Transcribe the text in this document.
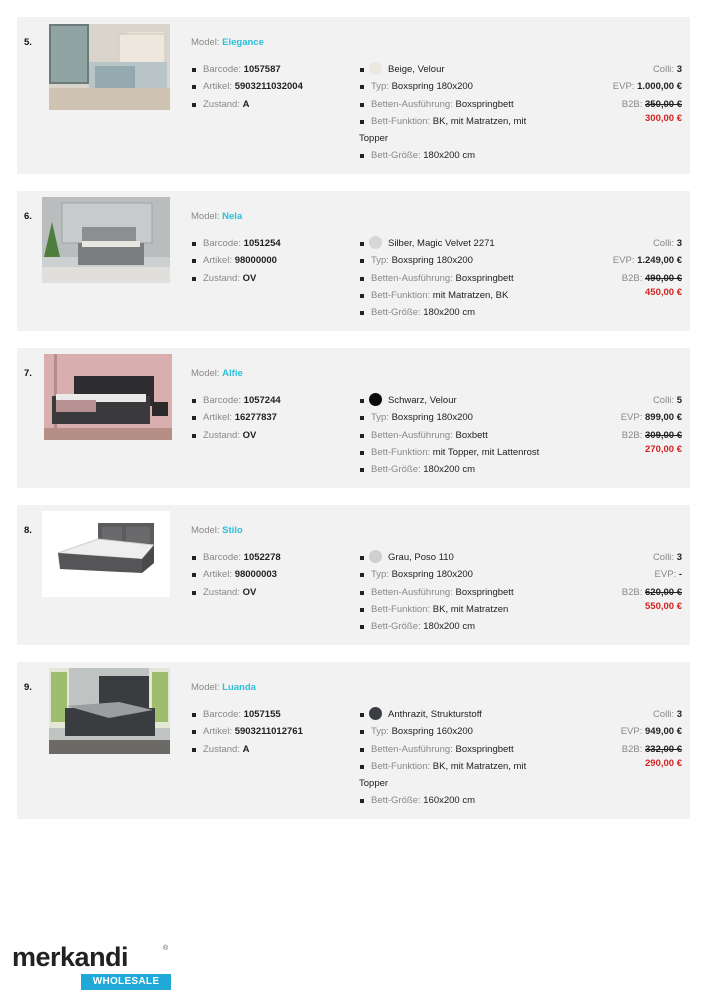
5.	Model: Elegance
Barcode: 1057587
Artikel: 5903211032004
Zustand: A
Beige, Velour
Typ: Boxspring 180x200
Betten-Ausführung: Boxspringbett
Bett-Funktion: BK, mit Matratzen, mit
Topper
Bett-Größe: 180x200 cm
Colli: 3
EVP: 1.000,00 €
B2B: 350,00 €
300,00 €
6.	Model: Nela
Barcode: 1051254
Artikel: 98000000
Zustand: OV
Silber, Magic Velvet 2271
Typ: Boxspring 180x200
Betten-Ausführung: Boxspringbett
Bett-Funktion: mit Matratzen, BK
Bett-Größe: 180x200 cm
Colli: 3
EVP: 1.249,00 €
B2B: 490,00 €
450,00 €
7.	Model: Alfie
Barcode: 1057244
Artikel: 16277837
Zustand: OV
Schwarz, Velour
Typ: Boxspring 180x200
Betten-Ausführung: Boxbett
Bett-Funktion: mit Topper, mit Lattenrost
Bett-Größe: 180x200 cm
Colli: 5
EVP: 899,00 €
B2B: 309,00 €
270,00 €
8.	Model: Stilo
Barcode: 1052278
Artikel: 98000003
Zustand: OV
Grau, Poso 110
Typ: Boxspring 180x200
Betten-Ausführung: Boxspringbett
Bett-Funktion: BK, mit Matratzen
Bett-Größe: 180x200 cm
Colli: 3
EVP: -
B2B: 620,00 €
550,00 €
9.	Model: Luanda
Barcode: 1057155
Artikel: 5903211012761
Zustand: A
Anthrazit, Strukturstoff
Typ: Boxspring 160x200
Betten-Ausführung: Boxspringbett
Bett-Funktion: BK, mit Matratzen, mit
Topper
Bett-Größe: 160x200 cm
Colli: 3
EVP: 949,00 €
B2B: 332,00 €
290,00 €
merkandi	®
WHOLESALE
